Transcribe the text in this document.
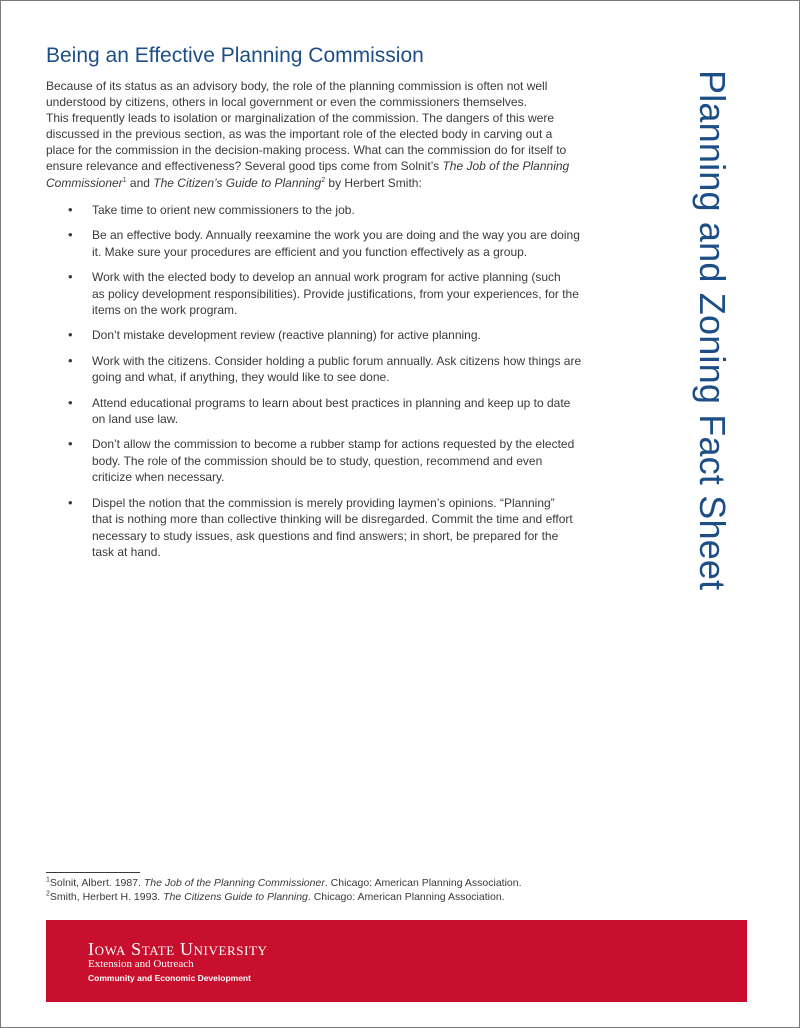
Being an Effective Planning Commission

Because of its status as an advisory body, the role of the planning commission is often not well
understood by citizens, others in local government or even the commissioners themselves.
This frequently leads to isolation or marginalization of the commission. The dangers of this were
discussed in the previous section, as was the important role of the elected body in carving out a
place for the commission in the decision-making process. What can the commission do for itself to
ensure relevance and effectiveness? Several good tips come from Solnit’s The Job of the Planning
Commissioner$^1$ and The Citizen’s Guide to Planning$^2$ by Herbert Smith:

• Take time to orient new commissioners to the job.
• Be an effective body. Annually reexamine the work you are doing and the way you are doing
it. Make sure your procedures are efficient and you function effectively as a group.
• Work with the elected body to develop an annual work program for active planning (such
as policy development responsibilities). Provide justifications, from your experiences, for the
items on the work program.
• Don’t mistake development review (reactive planning) for active planning.
• Work with the citizens. Consider holding a public forum annually. Ask citizens how things are
going and what, if anything, they would like to see done.
• Attend educational programs to learn about best practices in planning and keep up to date
on land use law.
• Don’t allow the commission to become a rubber stamp for actions requested by the elected
body. The role of the commission should be to study, question, recommend and even
criticize when necessary.
• Dispel the notion that the commission is merely providing laymen’s opinions. “Planning”
that is nothing more than collective thinking will be disregarded. Commit the time and effort
necessary to study issues, ask questions and find answers; in short, be prepared for the
task at hand.	Planning and Zoning Fact Sheet
$^1$Solnit, Albert. 1987. The Job of the Planning Commissioner. Chicago: American Planning Association.
$^2$Smith, Herbert H. 1993. The Citizens Guide to Planning. Chicago: American Planning Association.
Iowa State University
Extension and Outreach
Community and Economic Development
